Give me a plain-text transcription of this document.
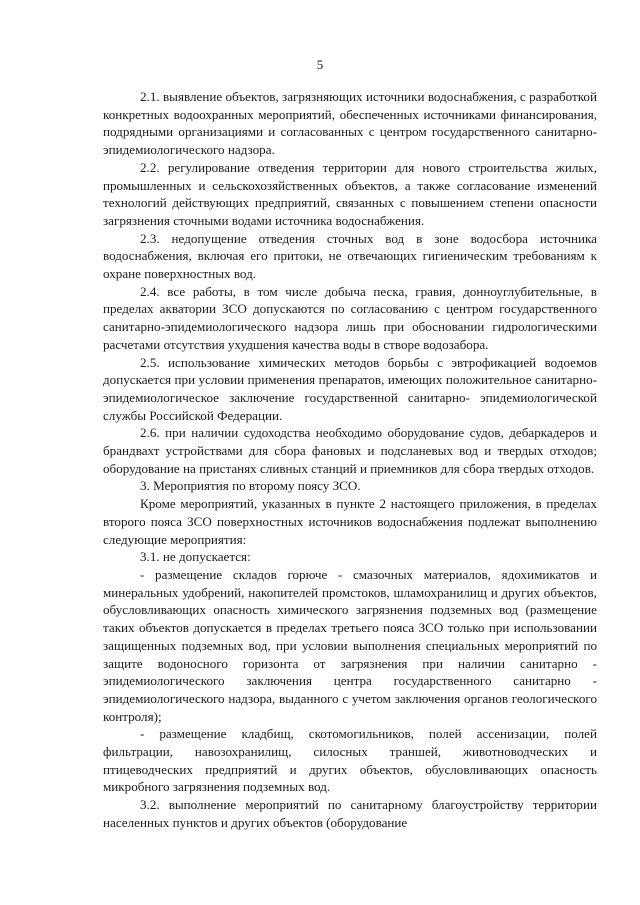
5

2.1. выявление объектов, загрязняющих источники водоснабжения, с разработкой конкретных водоохранных мероприятий, обеспеченных источниками финансирования, подрядными организациями и согласованных с центром государственного санитарно-эпидемиологического надзора.

2.2. регулирование отведения территории для нового строительства жилых, промышленных и сельскохозяйственных объектов, а также согласование изменений технологий действующих предприятий, связанных с повышением степени опасности загрязнения сточными водами источника водоснабжения.

2.3. недопущение отведения сточных вод в зоне водосбора источника водоснабжения, включая его притоки, не отвечающих гигиеническим требованиям к охране поверхностных вод.

2.4. все работы, в том числе добыча песка, гравия, донноуглубительные, в пределах акватории ЗСО допускаются по согласованию с центром государственного санитарно-эпидемиологического надзора лишь при обосновании гидрологическими расчетами отсутствия ухудшения качества воды в створе водозабора.

2.5. использование химических методов борьбы с эвтрофикацией водоемов допускается при условии применения препаратов, имеющих положительное санитарно-эпидемиологическое заключение государственной санитарно- эпидемиологической службы Российской Федерации.

2.6. при наличии судоходства необходимо оборудование судов, дебаркадеров и брандвахт устройствами для сбора фановых и подсланевых вод и твердых отходов; оборудование на пристанях сливных станций и приемников для сбора твердых отходов.

3. Мероприятия по второму поясу ЗСО.

Кроме мероприятий, указанных в пункте 2 настоящего приложения, в пределах второго пояса ЗСО поверхностных источников водоснабжения подлежат выполнению следующие мероприятия:

3.1. не допускается:

- размещение складов горюче - смазочных материалов, ядохимикатов и минеральных удобрений, накопителей промстоков, шламохранилищ и других объектов, обусловливающих опасность химического загрязнения подземных вод (размещение таких объектов допускается в пределах третьего пояса ЗСО только при использовании защищенных подземных вод, при условии выполнения специальных мероприятий по защите водоносного горизонта от загрязнения при наличии санитарно - эпидемиологического заключения центра государственного санитарно - эпидемиологического надзора, выданного с учетом заключения органов геологического контроля);

- размещение кладбищ, скотомогильников, полей ассенизации, полей фильтрации, навозохранилищ, силосных траншей, животноводческих и птицеводческих предприятий и других объектов, обусловливающих опасность микробного загрязнения подземных вод.

3.2. выполнение мероприятий по санитарному благоустройству территории населенных пунктов и других объектов (оборудование
